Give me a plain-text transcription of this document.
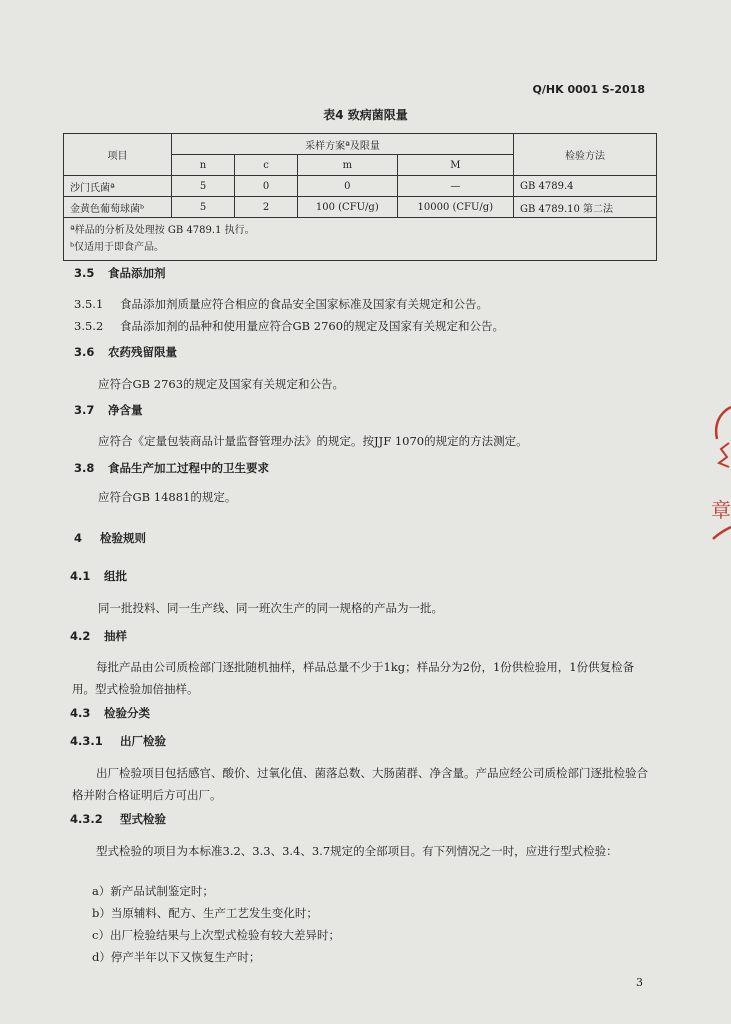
Q/HK 0001 S-2018
表4 致病菌限量
项目	采样方案ª及限量				检验方法
	n	c	m	M	
沙门氏菌ª	5	0	0	—	GB 4789.4
金黄色葡萄球菌ᵇ	5	2	100 (CFU/g)	10000 (CFU/g)	GB 4789.10 第二法

ª样品的分析及处理按 GB 4789.1 执行。
ᵇ仅适用于即食产品。					
3.5 食品添加剂
3.5.1 食品添加剂质量应符合相应的食品安全国家标准及国家有关规定和公告。
3.5.2 食品添加剂的品种和使用量应符合GB 2760的规定及国家有关规定和公告。
3.6 农药残留限量
应符合GB 2763的规定及国家有关规定和公告。
3.7 净含量
应符合《定量包装商品计量监督管理办法》的规定。按JJF 1070的规定的方法测定。
3.8 食品生产加工过程中的卫生要求
应符合GB 14881的规定。
4 检验规则
4.1 组批
同一批投料、同一生产线、同一班次生产的同一规格的产品为一批。
4.2 抽样
每批产品由公司质检部门逐批随机抽样，样品总量不少于1kg；样品分为2份，1份供检验用，1份供复检备用。型式检验加倍抽样。
4.3 检验分类
4.3.1 出厂检验
出厂检验项目包括感官、酸价、过氧化值、菌落总数、大肠菌群、净含量。产品应经公司质检部门逐批检验合格并附合格证明后方可出厂。
4.3.2 型式检验
型式检验的项目为本标准3.2、3.3、3.4、3.7规定的全部项目。有下列情况之一时，应进行型式检验：
a）新产品试制鉴定时；
b）当原辅料、配方、生产工艺发生变化时；
c）出厂检验结果与上次型式检验有较大差异时；
d）停产半年以下又恢复生产时；
3
章
